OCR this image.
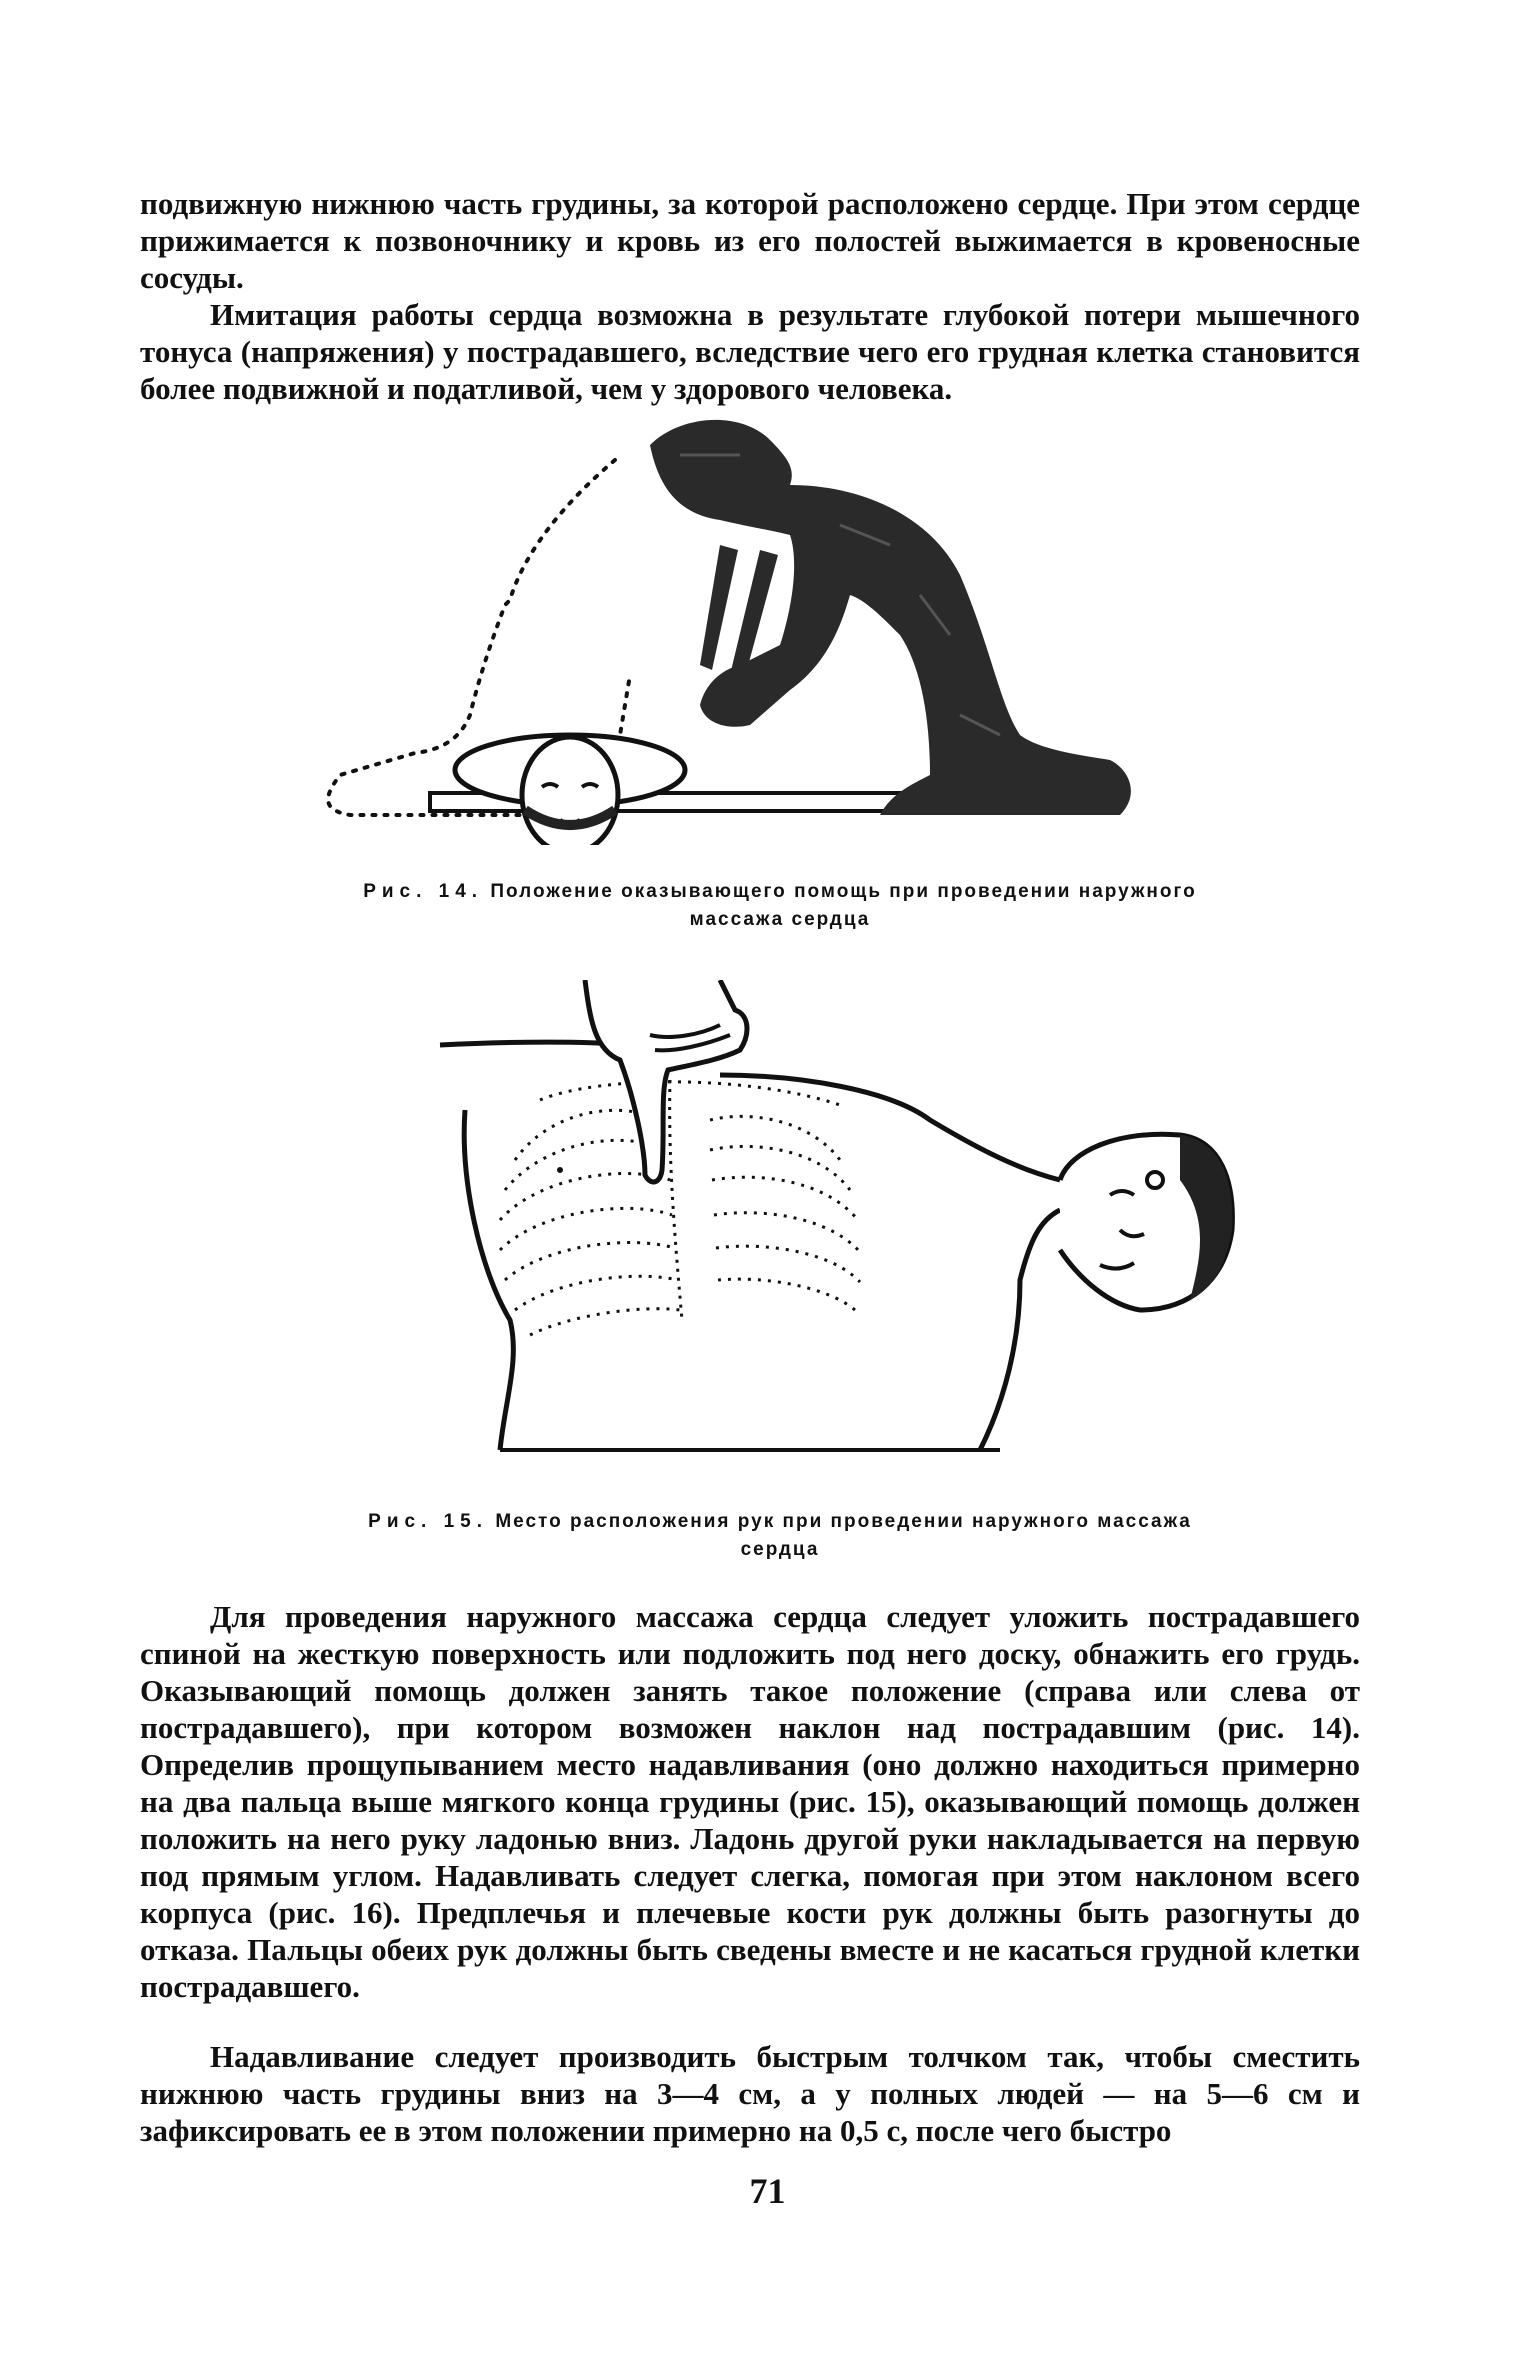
подвижную нижнюю часть грудины, за которой расположено сердце. При этом сердце прижимается к позвоночнику и кровь из его полостей выжимается в кровеносные сосуды.

Имитация работы сердца возможна в результате глубокой потери мышечного тонуса (напряжения) у пострадавшего, вследствие чего его грудная клетка становится более подвижной и податливой, чем у здорового человека.

Рис. 14. Положение оказывающего помощь при проведении наружного массажа сердца
Рис. 15. Место расположения рук при проведении наружного массажа сердца

Для проведения наружного массажа сердца следует уложить пострадавшего спиной на жесткую поверхность или подложить под него доску, обнажить его грудь. Оказывающий помощь должен занять такое положение (справа или слева от пострадавшего), при котором возможен наклон над пострадавшим (рис. 14). Определив прощупыванием место надавливания (оно должно находиться примерно на два пальца выше мягкого конца грудины (рис. 15), оказывающий помощь должен положить на него руку ладонью вниз. Ладонь другой руки накладывается на первую под прямым углом. Надавливать следует слегка, помогая при этом наклоном всего корпуса (рис. 16). Предплечья и плечевые кости рук должны быть разогнуты до отказа. Пальцы обеих рук должны быть сведены вместе и не касаться грудной клетки пострадавшего.

Надавливание следует производить быстрым толчком так, чтобы сместить нижнюю часть грудины вниз на 3—4 см, а у полных людей — на 5—6 см и зафиксировать ее в этом положении примерно на 0,5 с, после чего быстро

71
